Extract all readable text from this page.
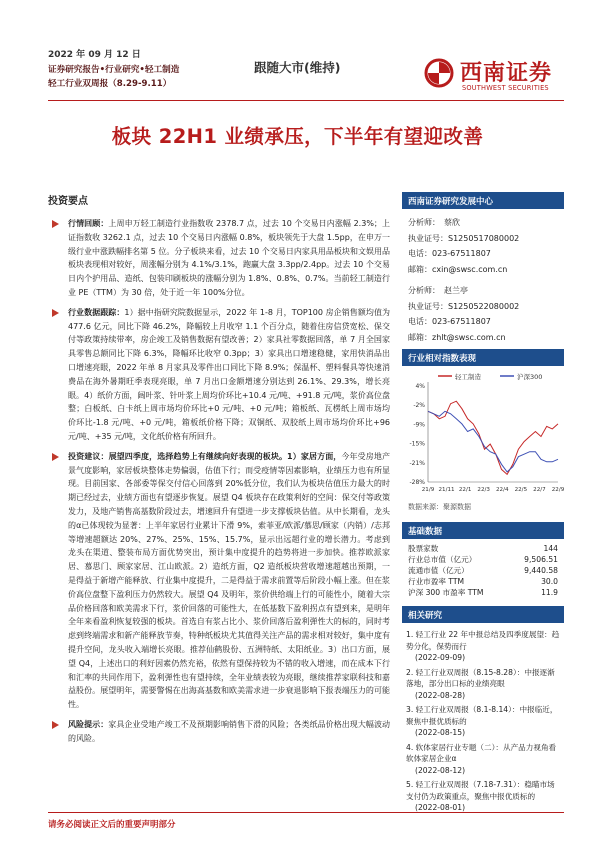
2022 年 09 月 12 日
证券研究报告•行业研究•轻工制造
轻工行业双周报（8.29-9.11）
跟随大市(维持)	西南证券
SOUTHWEST SECURITIES
板块 22H1 业绩承压，下半年有望迎改善
投资要点
行情回顾：上周申万轻工制造行业指数收 2378.7 点，过去 10 个交易日内涨幅 2.3%；上证指数收 3262.1 点，过去 10 个交易日内涨幅 0.8%，板块领先于大盘 1.5pp，在申万一级行业中涨跌幅排名第 5 位。分子板块来看，过去 10 个交易日内家具用品板块和文娱用品板块表现相对较好，周涨幅分别为 4.1%/3.1%，跑赢大盘 3.3pp/2.4pp。过去 10 个交易日内个护用品、造纸、包装印刷板块的涨幅分别为 1.8%、0.8%、0.7%。当前轻工制造行业 PE（TTM）为 30 倍，处于近一年 100%分位。
行业数据跟踪：1）据中指研究院数据显示，2022 年 1-8 月，TOP100 房企销售额均值为 477.6 亿元，同比下降 46.2%，降幅较上月收窄 1.1 个百分点，随着住房信贷宽松、保交付等政策持续带率，房企竣工及销售数据有望改善；2）家具社零数据回落，单 7 月全国家具零售总额同比下降 6.3%，降幅环比收窄 0.3pp；3）家具出口增速稳健，家用快消品出口增速亮眼，2022 年单 8 月家具及零件出口同比下降 8.9%；保温杯、塑料餐具等快速消费品在海外暑期旺季表现亮眼，单 7 月出口金额增速分别达到 26.1%、29.3%，增长亮眼。4）纸价方面，阔叶浆、针叶浆上周均价环比+10.4 元/吨、+91.8 元/吨，浆价高位盘整；白板纸、白卡纸上周市场均价环比+0 元/吨、+0 元/吨；箱板纸、瓦楞纸上周市场均价环比-1.8 元/吨、+0 元/吨，箱板纸价格下降；双铜纸、双胶纸上周市场均价环比+96 元/吨、+35 元/吨，文化纸价格有所回升。
投资建议：展望四季度，选择趋势上有继续向好表现的板块。1）家居方面，今年受房地产景气度影响，家居板块整体走势偏弱，估值下行；而受疫情等因素影响，业绩压力也有所显现。目前国家、各部委等保交付信心回落到 20%低分位，我们认为板块估值压力最大的时期已经过去，业绩方面也有望逐步恢复。展望 Q4 板块存在政策利好的空间：保交付等政策发力，及地产销售高基数阶段过去，增速回升有望进一步支撑板块估值。从中长期看，龙头的α已体现较为显著：上半年家居行业累计下滑 9%，索菲亚/欧派/慕思/顾家（内销）/志邦等增速超额达 20%、27%、25%、15%、15.7%，显示出远超行业的增长潜力。考虑到龙头在渠道、整装布局方面优势突出，预计集中度提升的趋势将进一步加快。推荐欧派家居、慕思门、顾家家居、江山欧派。2）造纸方面，Q2 造纸板块营收增速超越出预期，一是得益于新增产能释放、行业集中度提升，二是得益于需求前置等后阶段小幅上涨。但在浆价高位盘整下盈利压力仍然较大。展望 Q4 及明年，浆价供给端上行的可能性小，随着大宗品价格回落和欧美需求下行，浆价回落的可能性大，在低基数下盈利拐点有望到来，是明年全年来看盈利恢复较强的板块。首选自有浆占比小、浆价回落后盈利弹性大的标的，同时考虑到终端需求和新产能释放节奏，特种纸板块尤其值得关注产品的需求相对较好，集中度有提升空间，龙头收入端增长亮眼。推荐仙鹤股份、五洲特纸、太阳纸业。3）出口方面，展望 Q4，上述出口的利好因素仍然充裕，依然有望保持较为不错的收入增速，而在成本下行和汇率的共同作用下，盈利弹性也有望持续，全年业绩表较为亮眼，继续推荐家联科技和嘉益股份。展望明年，需要警惕在出海高基数和欧美需求进一步衰退影响下报表端压力的可能性。
风险提示：家具企业受地产竣工不及预期影响销售下滑的风险；各类纸品价格出现大幅波动的风险。
西南证券研究发展中心
分析师： 蔡欣
执业证号：S1250517080002
电话：023-67511807
邮箱：cxin@swsc.com.cn
分析师： 赵兰亭
执业证号：S1250522080002
电话：023-67511807
邮箱：zhlt@swsc.com.cn
行业相对指数表现
轻工制造	沪深300
4%
-2%
-9%
-15%
-21%
-28%
21/9 21/11 22/1 22/3 22/4 22/5 22/7 22/9
数据来源：聚源数据
基础数据
股票家数	144
行业总市值（亿元）	9,506.51
流通市值（亿元）	9,440.58
行业市盈率 TTM	30.0
沪深 300 市盈率 TTM	11.9
相关研究
1. 轻工行业 22 年中报总结及四季度展望：趋势分化，保势而行
(2022-09-09)
2. 轻工行业双周报（8.15-8.28）：中报逐渐落地，部分出口标的业绩亮眼
(2022-08-28)
3. 轻工行业双周报（8.1-8.14）：中报临近，聚焦中报优质标的
(2022-08-15)
4. 软体家居行业专题（二）：从产品力视角看软体家居企业α
(2022-08-12)
5. 轻工行业双周报（7.18-7.31）：稳瞄市场支付仍为政策重点，聚焦中报优质标的
(2022-08-01)
请务必阅读正文后的重要声明部分
